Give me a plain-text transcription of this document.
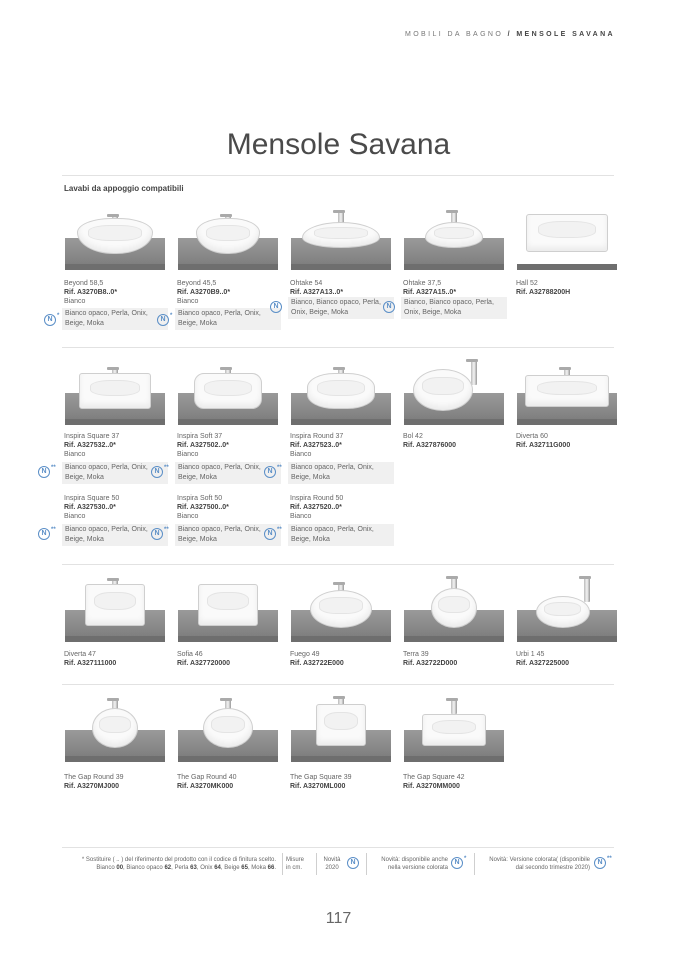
MOBILI DA BAGNO / MENSOLE SAVANA
Mensole Savana
Lavabi da appoggio compatibili
Beyond 58,5
Rif. A3270B8..0*
Bianco
Bianco opaco, Perla, Onix, Beige, Moka
N *
Beyond 45,5
Rif. A3270B9..0*
Bianco
Bianco opaco, Perla, Onix, Beige, Moka
N *
Ohtake 54
Rif. A327A13..0*
Bianco, Bianco opaco, Perla, Onix, Beige, Moka
N
Ohtake 37,5
Rif. A327A15..0*
Bianco, Bianco opaco, Perla, Onix, Beige, Moka
N
Hall 52
Rif. A32788200H
Inspira Square 37
Rif. A327532..0*
Bianco
Bianco opaco, Perla, Onix, Beige, Moka
N **
Inspira Soft 37
Rif. A327502..0*
Bianco
Bianco opaco, Perla, Onix, Beige, Moka
N **
Inspira Round 37
Rif. A327523..0*
Bianco
Bianco opaco, Perla, Onix, Beige, Moka
N **
Bol 42
Rif. A327876000
Diverta 60
Rif. A32711G000
Inspira Square 50
Rif. A327530..0*
Bianco
Bianco opaco, Perla, Onix, Beige, Moka
N **
Inspira Soft 50
Rif. A327500..0*
Bianco
Bianco opaco, Perla, Onix, Beige, Moka
N **
Inspira Round 50
Rif. A327520..0*
Bianco
Bianco opaco, Perla, Onix, Beige, Moka
N **
Diverta 47
Rif. A327111000
Sofia 46
Rif. A327720000
Fuego 49
Rif. A32722E000
Terra 39
Rif. A32722D000
Urbi 1 45
Rif. A327225000
The Gap Round 39
Rif. A3270MJ000
The Gap Round 40
Rif. A3270MK000
The Gap Square 39
Rif. A3270ML000
The Gap Square 42
Rif. A3270MM000
* Sostituire ( .. ) del riferimento del prodotto con il codice di finitura scelto.
Bianco 00, Bianco opaco 62, Perla 63, Onix 64, Beige 65, Moka 66.
Misure
in cm.
Novità
2020
N	Novità: disponibile anche
nella versione colorata
N *	Novità: Versione colorata( (disponibile
dal secondo trimestre 2020)
N **
117
